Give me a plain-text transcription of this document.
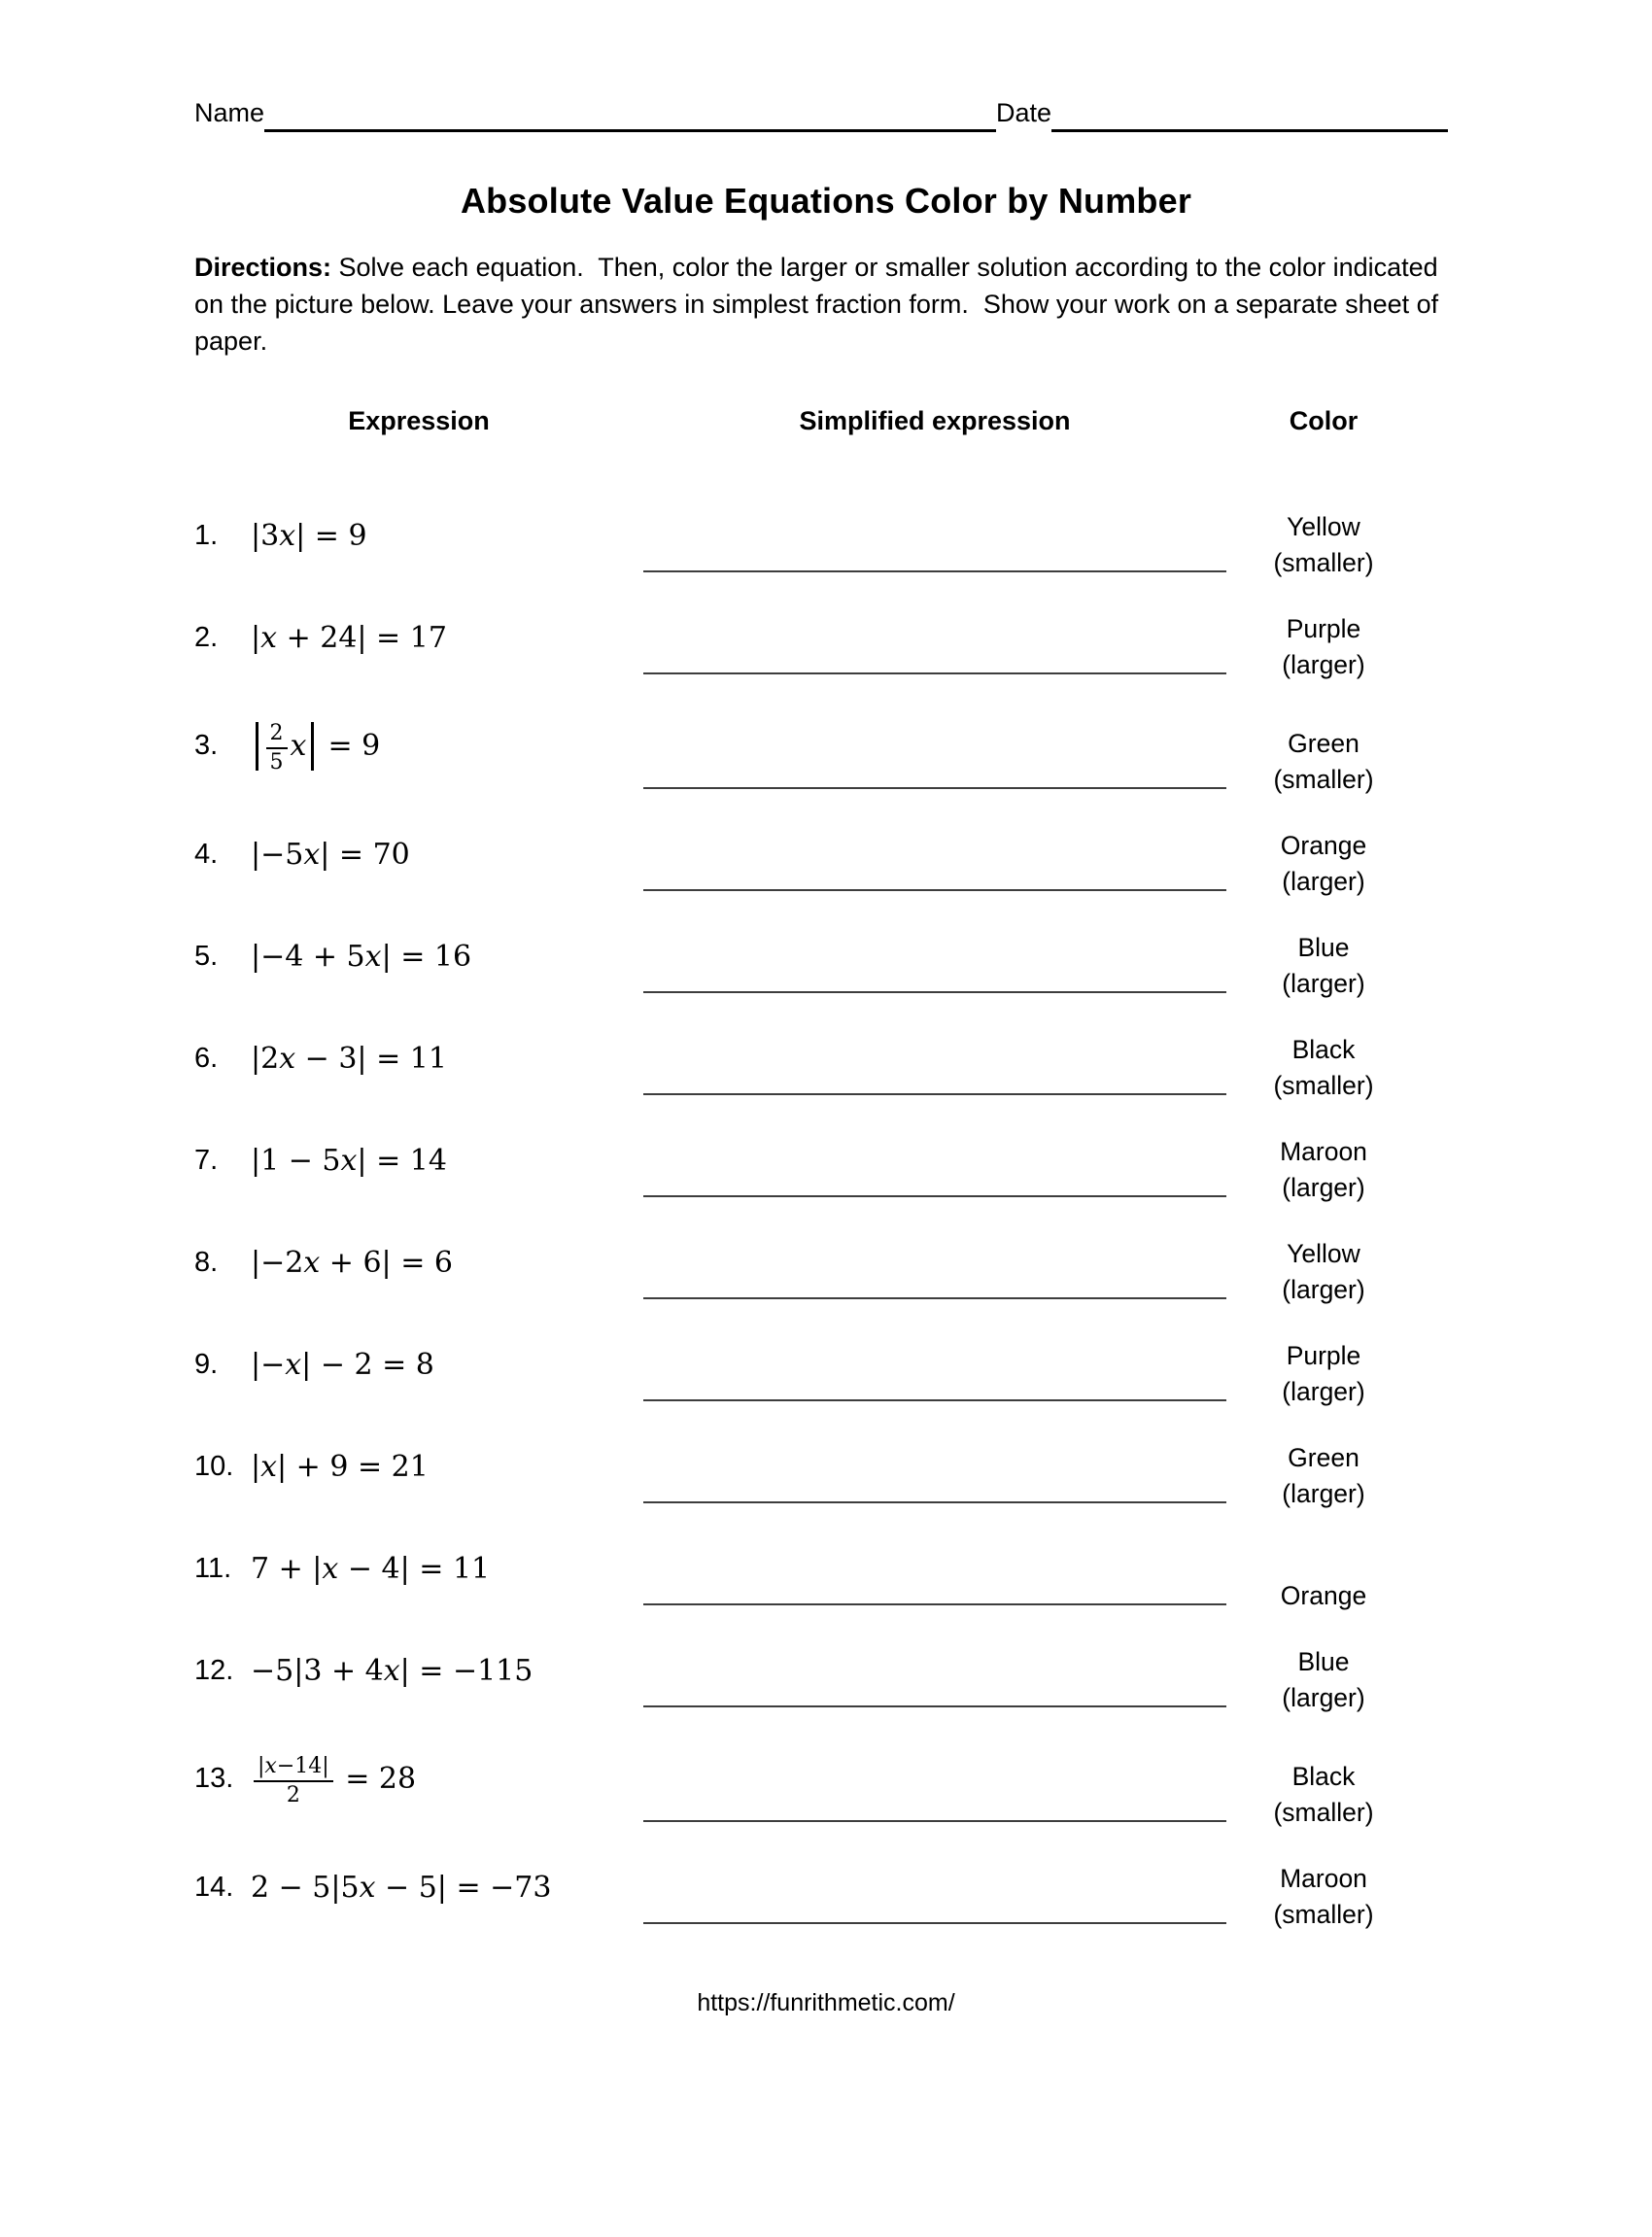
Name	Date
Absolute Value Equations Color by Number

Directions: Solve each equation.  Then, color the larger or smaller solution according to the color indicated on the picture below. Leave your answers in simplest fraction form.  Show your work on a separate sheet of paper.

Expression	Simplified expression	Color
1.	|3 x | = 9	Yellow
(smaller)
2.	| x + 24| = 17	Purple
(larger)
3.	$\frac{2}{5}$ x = 9	Green
(smaller)
4.	|−5 x | = 70	Orange
(larger)
5.	|−4 + 5 x | = 16	Blue
(larger)
6.	|2 x − 3| = 11	Black
(smaller)
7.	|1 − 5 x | = 14	Maroon
(larger)
8.	|−2 x + 6| = 6	Yellow
(larger)
9.	|− x | − 2 = 8	Purple
(larger)
10. | x | + 9 = 21	Green
(larger)
11. 7 + | x − 4| = 11
Orange
12. −5|3 + 4 x | = −115	Blue
(larger)
13. $\frac{| x -14|}{2} = 28$	Black
(smaller)
14. 2 − 5|5 x − 5| = −73	Maroon
(smaller)
https://funrithmetic.com/
